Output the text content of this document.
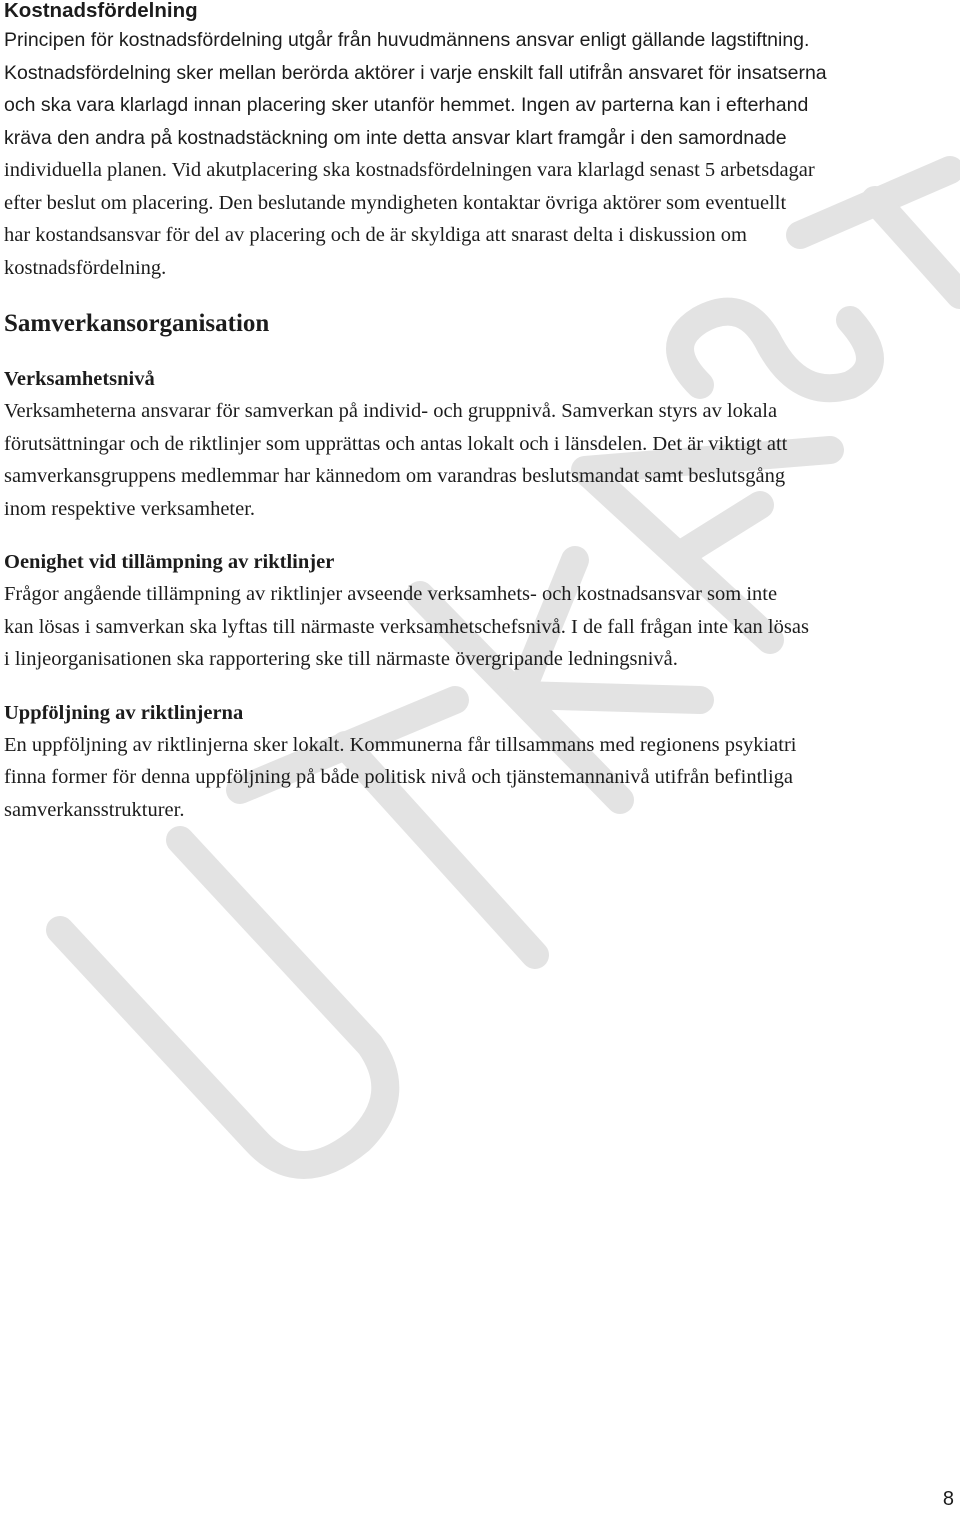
Kostnadsfördelning

Principen för kostnadsfördelning utgår från huvudmännens ansvar enligt gällande lagstiftning.

Kostnadsfördelning sker mellan berörda aktörer i varje enskilt fall utifrån ansvaret för insatserna

och ska vara klarlagd innan placering sker utanför hemmet. Ingen av parterna kan i efterhand

kräva den andra på kostnadstäckning om inte detta ansvar klart framgår i den samordnade

individuella planen. Vid akutplacering ska kostnadsfördelningen vara klarlagd senast 5 arbetsdagar

efter beslut om placering. Den beslutande myndigheten kontaktar övriga aktörer som eventuellt

har kostandsansvar för del av placering och de är skyldiga att snarast delta i diskussion om

kostnadsfördelning.

Samverkansorganisation
Verksamhetsnivå

Verksamheterna ansvarar för samverkan på individ- och gruppnivå. Samverkan styrs av lokala

förutsättningar och de riktlinjer som upprättas och antas lokalt och i länsdelen. Det är viktigt att

samverkansgruppens medlemmar har kännedom om varandras beslutsmandat samt beslutsgång

inom respektive verksamheter.

Oenighet vid tillämpning av riktlinjer

Frågor angående tillämpning av riktlinjer avseende verksamhets- och kostnadsansvar som inte

kan lösas i samverkan ska lyftas till närmaste verksamhetschefsnivå. I de fall frågan inte kan lösas

i linjeorganisationen ska rapportering ske till närmaste övergripande ledningsnivå.

Uppföljning av riktlinjerna

En uppföljning av riktlinjerna sker lokalt. Kommunerna får tillsammans med regionens psykiatri

finna former för denna uppföljning på både politisk nivå och tjänstemannanivå utifrån befintliga

samverkansstrukturer.

8
